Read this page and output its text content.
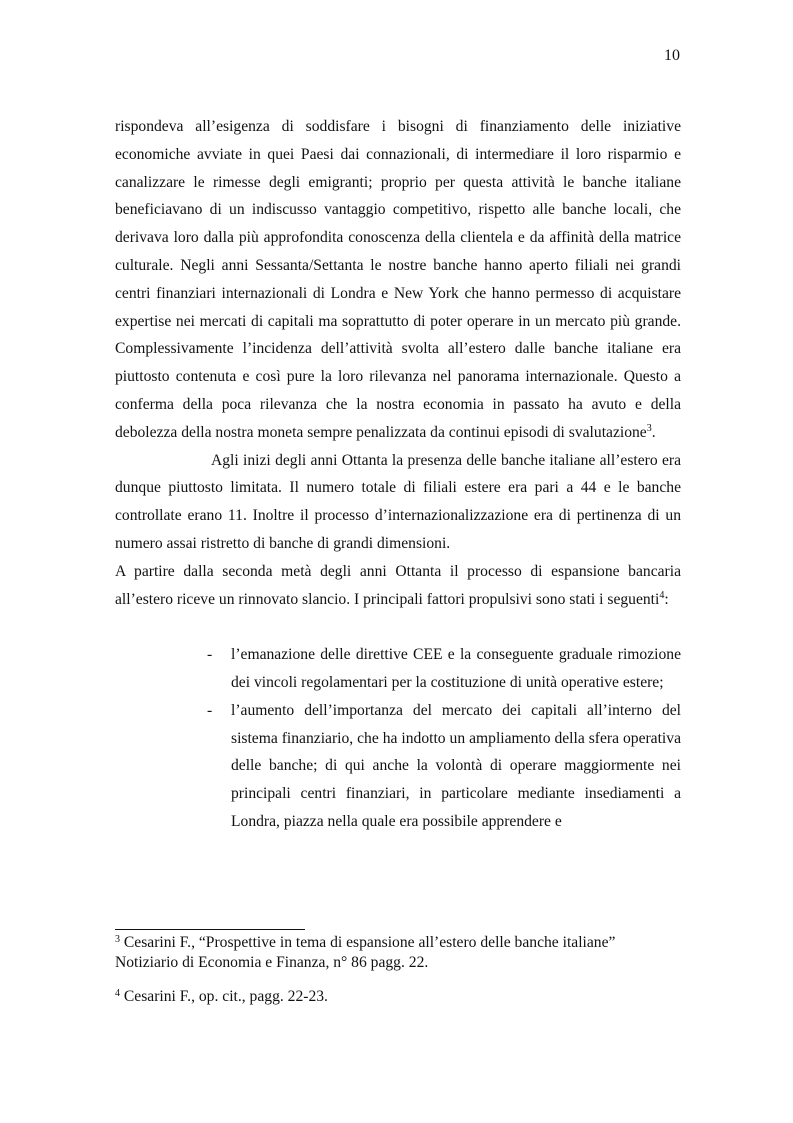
10

rispondeva all’esigenza di soddisfare i bisogni di finanziamento delle iniziative economiche avviate in quei Paesi dai connazionali, di intermediare il loro risparmio e canalizzare le rimesse degli emigranti; proprio per questa attività le banche italiane beneficiavano di un indiscusso vantaggio competitivo, rispetto alle banche locali, che derivava loro dalla più approfondita conoscenza della clientela e da affinità della matrice culturale. Negli anni Sessanta/Settanta le nostre banche hanno aperto filiali nei grandi centri finanziari internazionali di Londra e New York che hanno permesso di acquistare expertise nei mercati di capitali ma soprattutto di poter operare in un mercato più grande. Complessivamente l’incidenza dell’attività svolta all’estero dalle banche italiane era piuttosto contenuta e così pure la loro rilevanza nel panorama internazionale. Questo a conferma della poca rilevanza che la nostra economia in passato ha avuto e della debolezza della nostra moneta sempre penalizzata da continui episodi di svalutazione$^3$.

Agli inizi degli anni Ottanta la presenza delle banche italiane all’estero era dunque piuttosto limitata. Il numero totale di filiali estere era pari a 44 e le banche controllate erano 11. Inoltre il processo d’internazionalizzazione era di pertinenza di un numero assai ristretto di banche di grandi dimensioni.

A partire dalla seconda metà degli anni Ottanta il processo di espansione bancaria all’estero riceve un rinnovato slancio. I principali fattori propulsivi sono stati i seguenti$^4$:

- l’emanazione delle direttive CEE e la conseguente graduale rimozione dei vincoli regolamentari per la costituzione di unità operative estere;
- l’aumento dell’importanza del mercato dei capitali all’interno del sistema finanziario, che ha indotto un ampliamento della sfera operativa delle banche; di qui anche la volontà di operare maggiormente nei principali centri finanziari, in particolare mediante insediamenti a Londra, piazza nella quale era possibile apprendere e

$^3$ Cesarini F., “Prospettive in tema di espansione all’estero delle banche italiane”
Notiziario di Economia e Finanza, n° 86 pagg. 22.

$^4$ Cesarini F., op. cit., pagg. 22-23.
